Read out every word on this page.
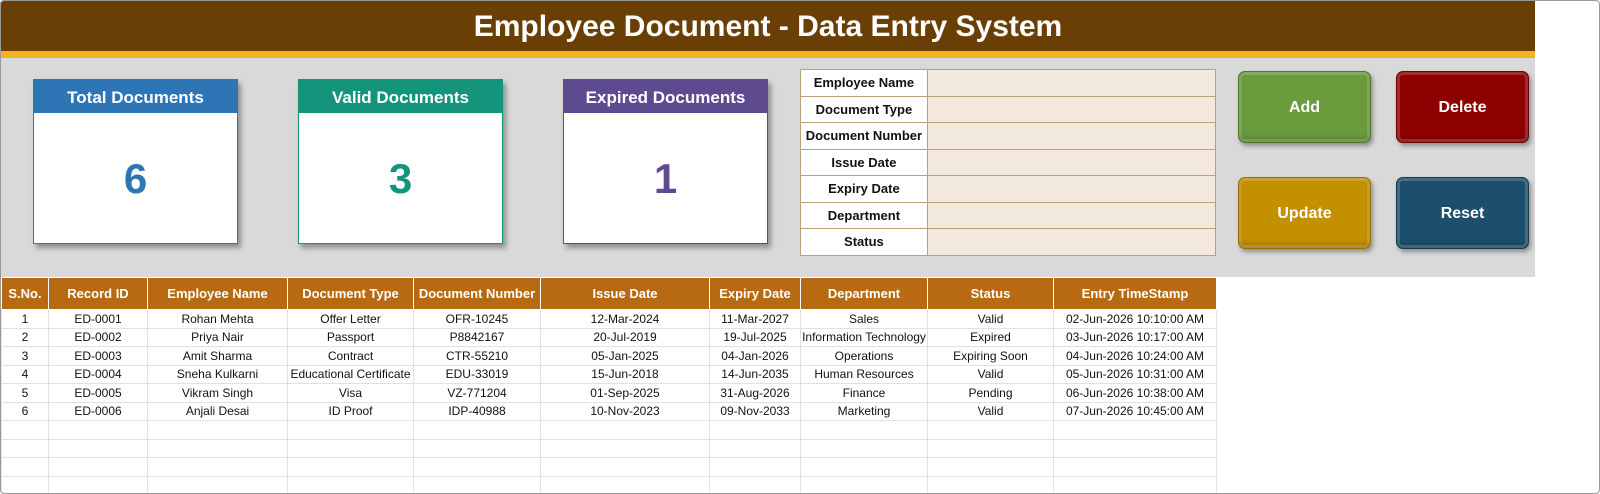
Employee Document - Data Entry System
Total Documents
6
Valid Documents
3
Expired Documents
1
Employee Name	
Document Type	
Document Number	
Issue Date	
Expiry Date	
Department	
Status	
Add	Delete
Update	Reset
S.No.	Record ID	Employee Name	Document Type	Document Number	Issue Date	Expiry Date	Department	Status	Entry TimeStamp
1	ED-0001	Rohan Mehta	Offer Letter	OFR-10245	12-Mar-2024	11-Mar-2027	Sales	Valid	02-Jun-2026 10:10:00 AM
2	ED-0002	Priya Nair	Passport	P8842167	20-Jul-2019	19-Jul-2025	Information Technology	Expired	03-Jun-2026 10:17:00 AM
3	ED-0003	Amit Sharma	Contract	CTR-55210	05-Jan-2025	04-Jan-2026	Operations	Expiring Soon	04-Jun-2026 10:24:00 AM
4	ED-0004	Sneha Kulkarni	Educational Certificate	EDU-33019	15-Jun-2018	14-Jun-2035	Human Resources	Valid	05-Jun-2026 10:31:00 AM
5	ED-0005	Vikram Singh	Visa	VZ-771204	01-Sep-2025	31-Aug-2026	Finance	Pending	06-Jun-2026 10:38:00 AM
6	ED-0006	Anjali Desai	ID Proof	IDP-40988	10-Nov-2023	09-Nov-2033	Marketing	Valid	07-Jun-2026 10:45:00 AM
